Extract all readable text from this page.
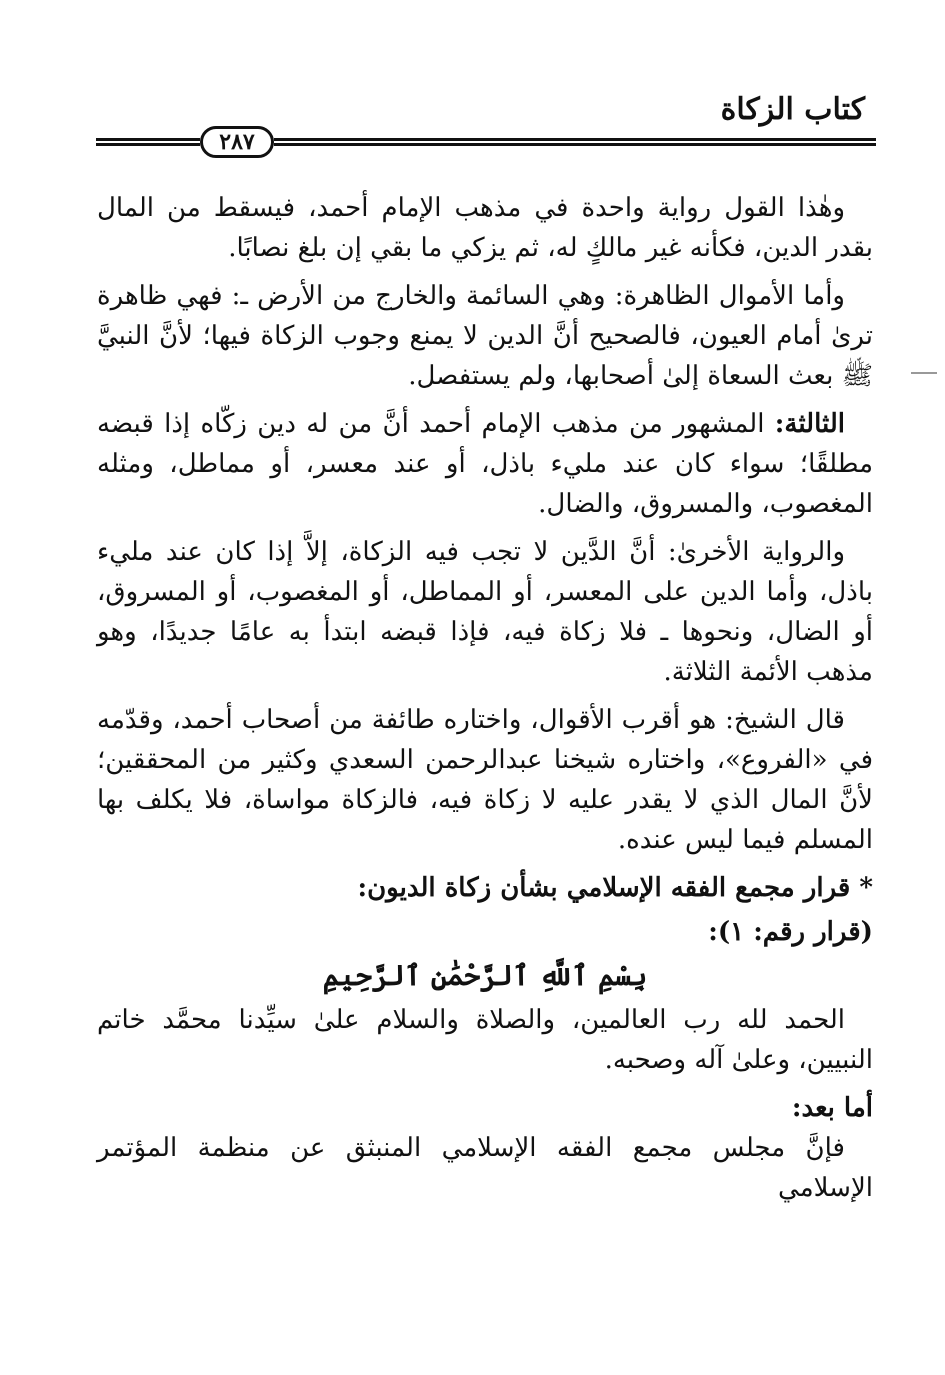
كتاب الزكاة
٢٨٧

وهٰذا القول رواية واحدة في مذهب الإمام أحمد، فيسقط من المال بقدر الدين، فكأنه غير مالكٍ له، ثم يزكي ما بقي إن بلغ نصابًا.

وأما الأموال الظاهرة: وهي السائمة والخارج من الأرض ـ: فهي ظاهرة ترىٰ أمام العيون، فالصحيح أنَّ الدين لا يمنع وجوب الزكاة فيها؛ لأنَّ النبيَّ ﷺ بعث السعاة إلىٰ أصحابها، ولم يستفصل.

الثالثة: المشهور من مذهب الإمام أحمد أنَّ من له دين زكّاه إذا قبضه مطلقًا؛ سواء كان عند مليء باذل، أو عند معسر، أو مماطل، ومثله المغصوب، والمسروق، والضال.

والرواية الأخرىٰ: أنَّ الدَّين لا تجب فيه الزكاة، إلاَّ إذا كان عند مليء باذل، وأما الدين على المعسر، أو المماطل، أو المغصوب، أو المسروق، أو الضال، ونحوها ـ فلا زكاة فيه، فإذا قبضه ابتدأ به عامًا جديدًا، وهو مذهب الأئمة الثلاثة.

قال الشيخ: هو أقرب الأقوال، واختاره طائفة من أصحاب أحمد، وقدّمه في «الفروع»، واختاره شيخنا عبدالرحمن السعدي وكثير من المحققين؛ لأنَّ المال الذي لا يقدر عليه لا زكاة فيه، فالزكاة مواساة، فلا يكلف بها المسلم فيما ليس عنده.

* قرار مجمع الفقه الإسلامي بشأن زكاة الديون:
(قرار رقم: ١):
بِسْمِ ٱللَّهِ ٱلرَّحْمَٰنِ ٱلرَّحِيمِ

الحمد لله رب العالمين، والصلاة والسلام علىٰ سيِّدنا محمَّد خاتم النبيين، وعلىٰ آله وصحبه.

أما بعد:

فإنَّ مجلس مجمع الفقه الإسلامي المنبثق عن منظمة المؤتمر الإسلامي
